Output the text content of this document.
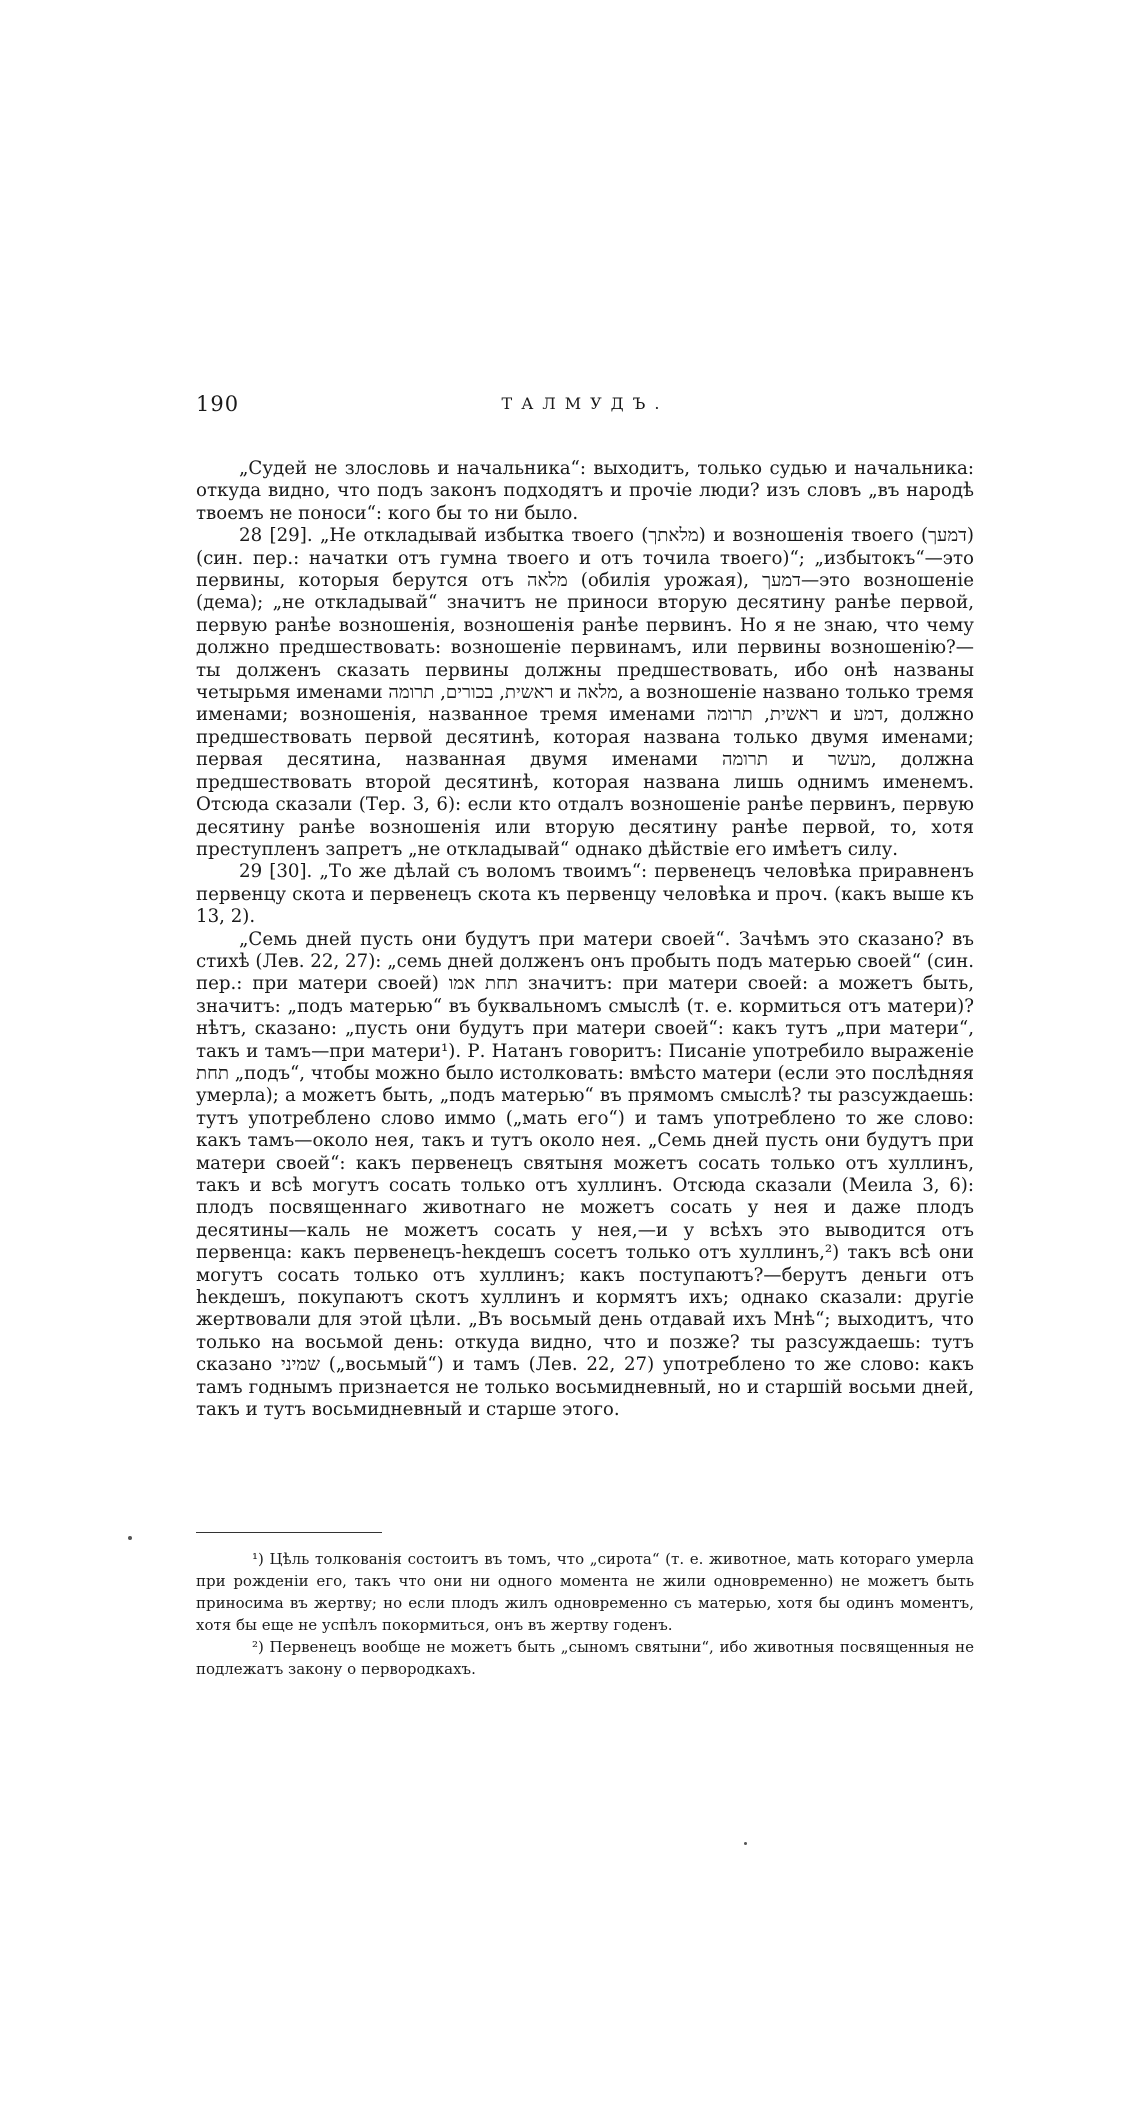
190	ТАЛМУДЪ.

„Судей не злословь и начальника“: выходитъ, только судью и начальника: откуда видно, что подъ законъ подходятъ и прочіе люди? изъ словъ „въ народѣ твоемъ не поноси“: кого бы то ни было.

28 [29]. „Не откладывай избытка твоего (מלאתך) и возношенія твоего (דמעך) (син. пер.: начатки отъ гумна твоего и отъ точила твоего)“; „избытокъ“—это первины, которыя берутся отъ מלאה (обилія урожая), דמעך—это возношеніе (дема); „не откладывай“ значитъ не приноси вторую десятину ранѣе первой, первую ранѣе возношенія, возношенія ранѣе первинъ. Но я не знаю, что чему должно предшествовать: возношеніе первинамъ, или первины возношенію?—ты долженъ сказать первины должны предшествовать, ибо онѣ названы четырьмя именами ראשית, בכורים, תרומה и מלאה, а возношеніе названо только тремя именами; возношенія, названное тремя именами ראשית, תרומה и דמע, должно предшествовать первой десятинѣ, которая названа только двумя именами; первая десятина, названная двумя именами תרומה и מעשר, должна предшествовать второй десятинѣ, которая названа лишь однимъ именемъ. Отсюда сказали (Тер. 3, 6): если кто отдалъ возношеніе ранѣе первинъ, первую десятину ранѣе возношенія или вторую десятину ранѣе первой, то, хотя преступленъ запретъ „не откладывай“ однако дѣйствіе его имѣетъ силу.

29 [30]. „То же дѣлай съ воломъ твоимъ“: первенецъ человѣка приравненъ первенцу скота и первенецъ скота къ первенцу человѣка и проч. (какъ выше къ 13, 2).

„Семь дней пусть они будутъ при матери своей“. Зачѣмъ это сказано? въ стихѣ (Лев. 22, 27): „семь дней долженъ онъ пробыть подъ матерью своей“ (син. пер.: при матери своей) תחת אמו значитъ: при матери своей: а можетъ быть, значитъ: „подъ матерью“ въ буквальномъ смыслѣ (т. е. кормиться отъ матери)? нѣтъ, сказано: „пусть они будутъ при матери своей“: какъ тутъ „при матери“, такъ и тамъ—при матери¹). Р. Натанъ говоритъ: Писаніе употребило выраженіе תחת „подъ“, чтобы можно было истолковать: вмѣсто матери (если это послѣдняя умерла); а можетъ быть, „подъ матерью“ въ прямомъ смыслѣ? ты разсуждаешь: тутъ употреблено слово иммо („мать его“) и тамъ употреблено то же слово: какъ тамъ—около нея, такъ и тутъ около нея. „Семь дней пусть они будутъ при матери своей“: какъ первенецъ святыня можетъ сосать только отъ хуллинъ, такъ и всѣ могутъ сосать только отъ хуллинъ. Отсюда сказали (Меила 3, 6): плодъ посвященнаго животнаго не можетъ сосать у нея и даже плодъ десятины—каль не можетъ сосать у нея,—и у всѣхъ это выводится отъ первенца: какъ первенецъ-hекдешъ сосетъ только отъ хуллинъ,²) такъ всѣ они могутъ сосать только отъ хуллинъ; какъ поступаютъ?—берутъ деньги отъ hекдешъ, покупаютъ скотъ хуллинъ и кормятъ ихъ; однако сказали: другіе жертвовали для этой цѣли. „Въ восьмый день отдавай ихъ Мнѣ“; выходитъ, что только на восьмой день: откуда видно, что и позже? ты разсуждаешь: тутъ сказано שמיני („восьмый“) и тамъ (Лев. 22, 27) употреблено то же слово: какъ тамъ годнымъ признается не только восьмидневный, но и старшій восьми дней, такъ и тутъ восьмидневный и старше этого.

¹) Цѣль толкованія состоитъ въ томъ, что „сирота“ (т. е. животное, мать котораго умерла при рожденіи его, такъ что они ни одного момента не жили одновременно) не можетъ быть приносима въ жертву; но если плодъ жилъ одновременно съ матерью, хотя бы одинъ моментъ, хотя бы еще не успѣлъ покормиться, онъ въ жертву годенъ.

²) Первенецъ вообще не можетъ быть „сыномъ святыни“, ибо животныя посвященныя не подлежатъ закону о первородкахъ.
